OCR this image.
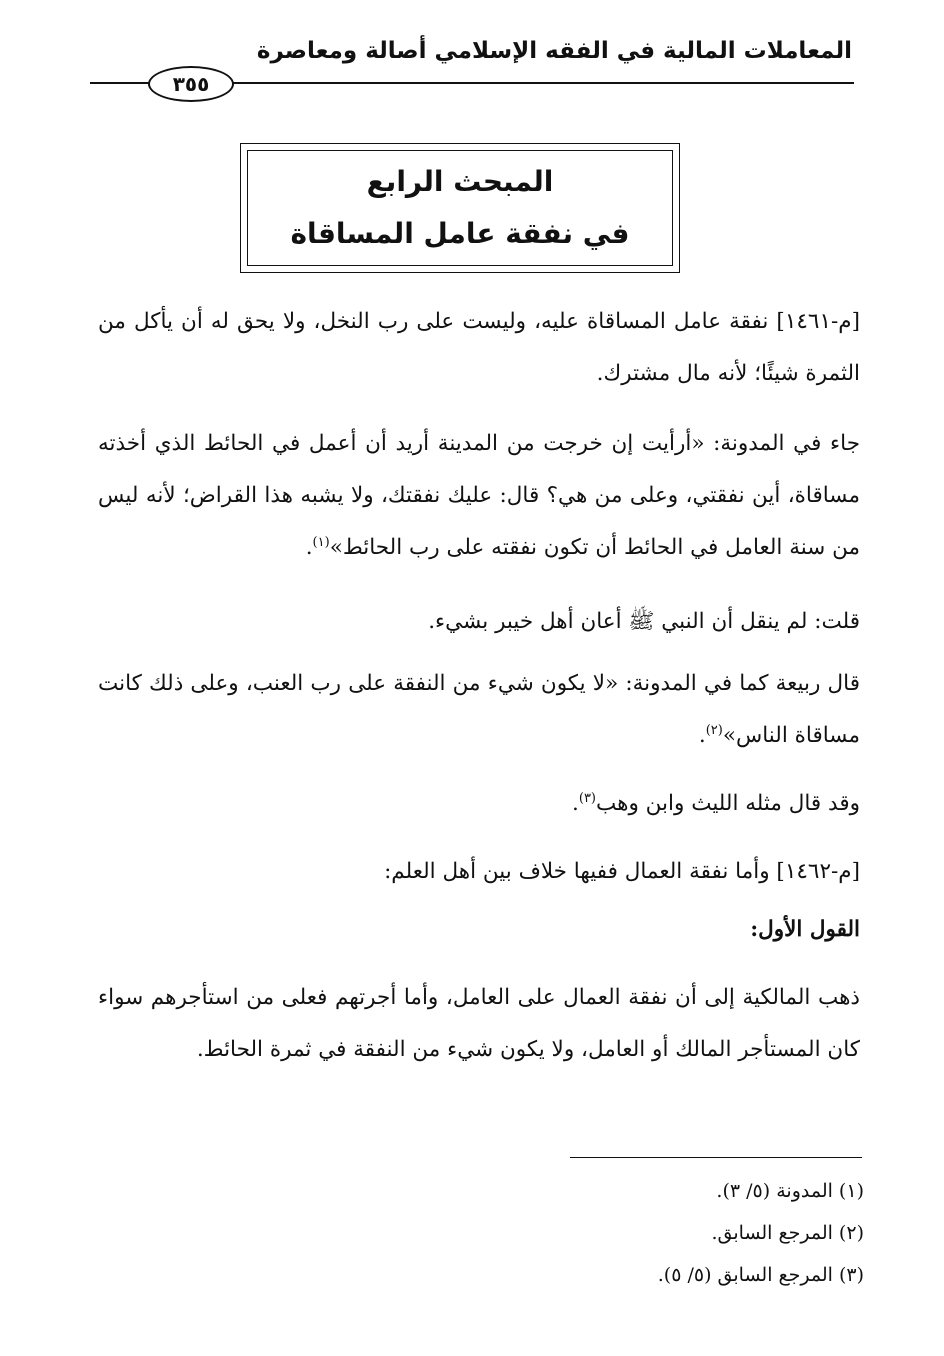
المعاملات المالية في الفقه الإسلامي أصالة ومعاصرة
٣٥٥
المبحث الرابع
في نفقة عامل المساقاة
[م-١٤٦١] نفقة عامل المساقاة عليه، وليست على رب النخل، ولا يحق له أن يأكل من الثمرة شيئًا؛ لأنه مال مشترك.
جاء في المدونة: «أرأيت إن خرجت من المدينة أريد أن أعمل في الحائط الذي أخذته مساقاة، أين نفقتي، وعلى من هي؟ قال: عليك نفقتك، ولا يشبه هذا القراض؛ لأنه ليس من سنة العامل في الحائط أن تكون نفقته على رب الحائط»$^{(١)}$.
قلت: لم ينقل أن النبي ﷺ أعان أهل خيبر بشيء.
قال ربيعة كما في المدونة: «لا يكون شيء من النفقة على رب العنب، وعلى ذلك كانت مساقاة الناس»$^{(٢)}$.
وقد قال مثله الليث وابن وهب$^{(٣)}$.
[م-١٤٦٢] وأما نفقة العمال ففيها خلاف بين أهل العلم:
القول الأول:
ذهب المالكية إلى أن نفقة العمال على العامل، وأما أجرتهم فعلى من استأجرهم سواء كان المستأجر المالك أو العامل، ولا يكون شيء من النفقة في ثمرة الحائط.
(١) المدونة (٥/ ٣).
(٢) المرجع السابق.
(٣) المرجع السابق (٥/ ٥).
